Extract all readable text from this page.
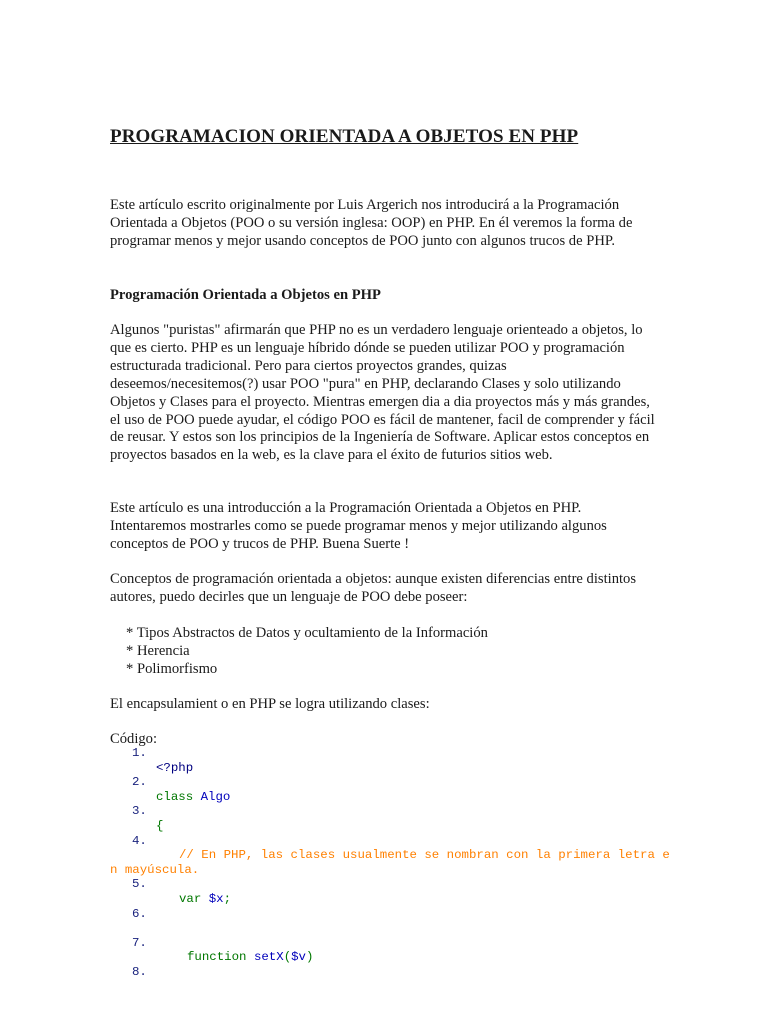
PROGRAMACION ORIENTADA A OBJETOS EN PHP

Este artículo escrito originalmente por Luis Argerich nos introducirá a la Programación Orientada a Objetos (POO o su versión inglesa: OOP) en PHP. En él veremos la forma de programar menos y mejor usando conceptos de POO junto con algunos trucos de PHP.

Programación Orientada a Objetos en PHP

Algunos "puristas" afirmarán que PHP no es un verdadero lenguaje orienteado a objetos, lo que es cierto. PHP es un lenguaje híbrido dónde se pueden utilizar POO y programación estructurada tradicional. Pero para ciertos proyectos grandes, quizas deseemos/necesitemos(?) usar POO "pura" en PHP, declarando Clases y solo utilizando Objetos y Clases para el proyecto. Mientras emergen dia a dia proyectos más y más grandes, el uso de POO puede ayudar, el código POO es fácil de mantener, facil de comprender y fácil de reusar. Y estos son los principios de la Ingeniería de Software. Aplicar estos conceptos en proyectos basados en la web, es la clave para el éxito de futurios sitios web.

Este artículo es una introducción a la Programación Orientada a Objetos en PHP. Intentaremos mostrarles como se puede programar menos y mejor utilizando algunos conceptos de POO y trucos de PHP. Buena Suerte !

Conceptos de programación orientada a objetos: aunque existen diferencias entre distintos autores, puedo decirles que un lenguaje de POO debe poseer:

* Tipos Abstractos de Datos y ocultamiento de la Información
* Herencia
* Polimorfismo

El encapsulamient o en PHP se logra utilizando clases:

Código:

1.
<?php
2.
class Algo
3.
{
4.
// En PHP, las clases usualmente se nombran con la primera letra en mayúscula.
5.
var $x;
6.

7.
function setX($v)
8.
